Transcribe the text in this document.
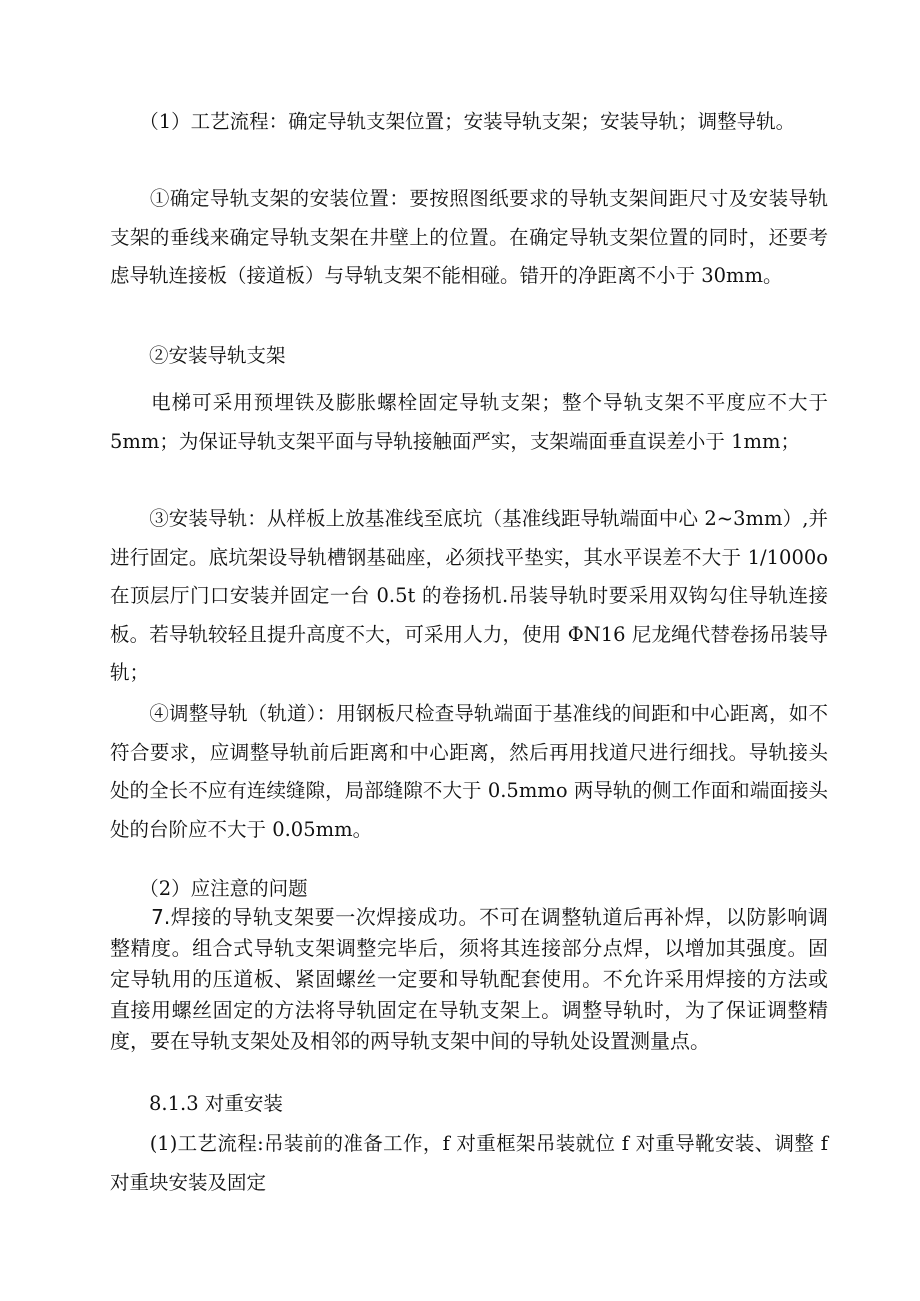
　　（1）工艺流程：确定导轨支架位置；安装导轨支架；安装导轨；调整导轨。

　　①确定导轨支架的安装位置：要按照图纸要求的导轨支架间距尺寸及安装导轨支架的垂线来确定导轨支架在井壁上的位置。在确定导轨支架位置的同时，还要考虑导轨连接板（接道板）与导轨支架不能相碰。错开的净距离不小于 30mm。

　　②安装导轨支架

　　电梯可采用预埋铁及膨胀螺栓固定导轨支架；整个导轨支架不平度应不大于 5mm；为保证导轨支架平面与导轨接触面严实，支架端面垂直误差小于 1mm；

　　③安装导轨：从样板上放基准线至底坑（基准线距导轨端面中心 2~3mm）,并进行固定。底坑架设导轨槽钢基础座，必须找平垫实，其水平误差不大于 1/1000o 在顶层厅门口安装并固定一台 0.5t 的卷扬机.吊装导轨时要采用双钩勾住导轨连接板。若导轨较轻且提升高度不大，可采用人力，使用 ΦN16 尼龙绳代替卷扬吊装导轨；

　　④调整导轨（轨道）：用钢板尺检查导轨端面于基准线的间距和中心距离，如不符合要求，应调整导轨前后距离和中心距离，然后再用找道尺进行细找。导轨接头处的全长不应有连续缝隙，局部缝隙不大于 0.5mmo 两导轨的侧工作面和端面接头处的台阶应不大于 0.05mm。

　　（2）应注意的问题

　　7.焊接的导轨支架要一次焊接成功。不可在调整轨道后再补焊，以防影响调整精度。组合式导轨支架调整完毕后，须将其连接部分点焊，以增加其强度。固定导轨用的压道板、紧固螺丝一定要和导轨配套使用。不允许采用焊接的方法或直接用螺丝固定的方法将导轨固定在导轨支架上。调整导轨时，为了保证调整精度，要在导轨支架处及相邻的两导轨支架中间的导轨处设置测量点。

　　8.1.3 对重安装

　　(1)工艺流程:吊装前的准备工作，f 对重框架吊装就位 f 对重导靴安装、调整 f 对重块安装及固定
